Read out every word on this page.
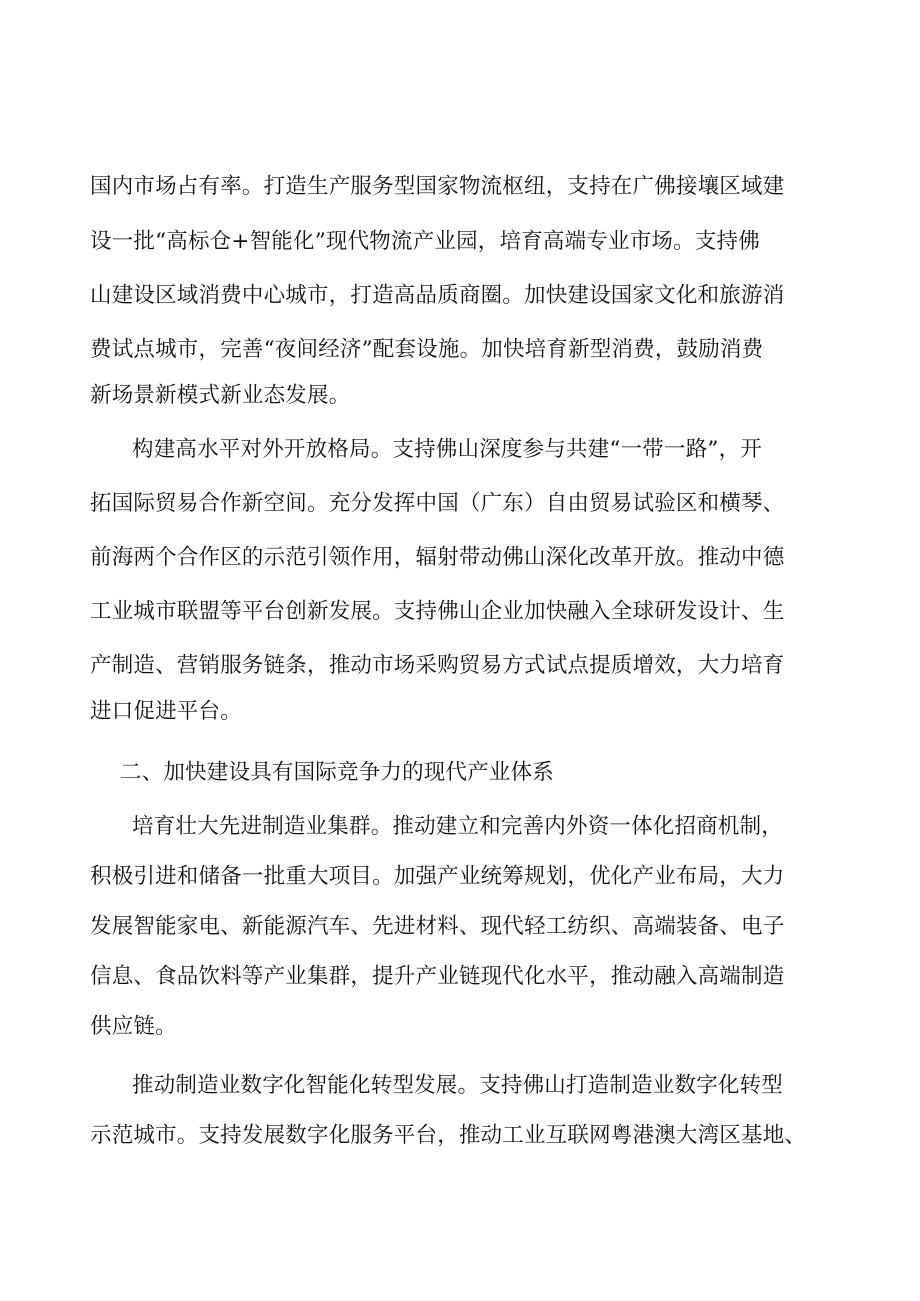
国内市场占有率。打造生产服务型国家物流枢纽，支持在广佛接壤区域建
设一批“高标仓+智能化”现代物流产业园，培育高端专业市场。支持佛
山建设区域消费中心城市，打造高品质商圈。加快建设国家文化和旅游消
费试点城市，完善“夜间经济”配套设施。加快培育新型消费，鼓励消费
新场景新模式新业态发展。
构建高水平对外开放格局。支持佛山深度参与共建“一带一路”，开
拓国际贸易合作新空间。充分发挥中国（广东）自由贸易试验区和横琴、
前海两个合作区的示范引领作用，辐射带动佛山深化改革开放。推动中德
工业城市联盟等平台创新发展。支持佛山企业加快融入全球研发设计、生
产制造、营销服务链条，推动市场采购贸易方式试点提质增效，大力培育
进口促进平台。
二、加快建设具有国际竞争力的现代产业体系
培育壮大先进制造业集群。推动建立和完善内外资一体化招商机制，
积极引进和储备一批重大项目。加强产业统筹规划，优化产业布局，大力
发展智能家电、新能源汽车、先进材料、现代轻工纺织、高端装备、电子
信息、食品饮料等产业集群，提升产业链现代化水平，推动融入高端制造
供应链。
推动制造业数字化智能化转型发展。支持佛山打造制造业数字化转型
示范城市。支持发展数字化服务平台，推动工业互联网粤港澳大湾区基地、
